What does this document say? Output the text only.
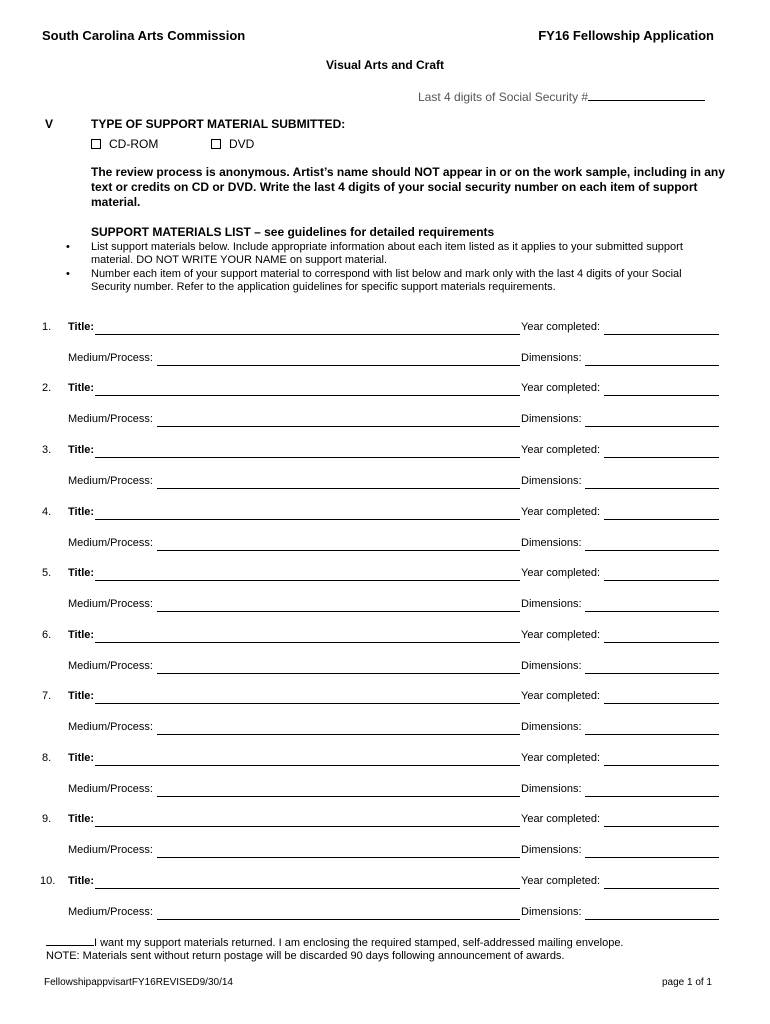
South Carolina Arts Commission	FY16 Fellowship Application
Visual Arts and Craft
Last 4 digits of Social Security #
V	TYPE OF SUPPORT MATERIAL SUBMITTED:
CD-ROM	DVD
The review process is anonymous. Artist’s name should NOT appear in or on the work sample, including in any text or credits on CD or DVD. Write the last 4 digits of your social security number on each item of support material.
SUPPORT MATERIALS LIST – see guidelines for detailed requirements
• List support materials below. Include appropriate information about each item listed as it applies to your submitted support material. DO NOT WRITE YOUR NAME on support material.
• Number each item of your support material to correspond with list below and mark only with the last 4 digits of your Social Security number. Refer to the application guidelines for specific support materials requirements.
1.	Title:	Year completed:
Medium/Process:	Dimensions:
2.	Title:	Year completed:
Medium/Process:	Dimensions:
3.	Title:	Year completed:
Medium/Process:	Dimensions:
4.	Title:	Year completed:
Medium/Process:	Dimensions:
5.	Title:	Year completed:
Medium/Process:	Dimensions:
6.	Title:	Year completed:
Medium/Process:	Dimensions:
7.	Title:	Year completed:
Medium/Process:	Dimensions:
8.	Title:	Year completed:
Medium/Process:	Dimensions:
9.	Title:	Year completed:
Medium/Process:	Dimensions:
10.	Title:	Year completed:
Medium/Process:	Dimensions:
I want my support materials returned. I am enclosing the required stamped, self-addressed mailing envelope.
NOTE: Materials sent without return postage will be discarded 90 days following announcement of awards.
FellowshipappvisartFY16REVISED9/30/14	page 1 of 1
